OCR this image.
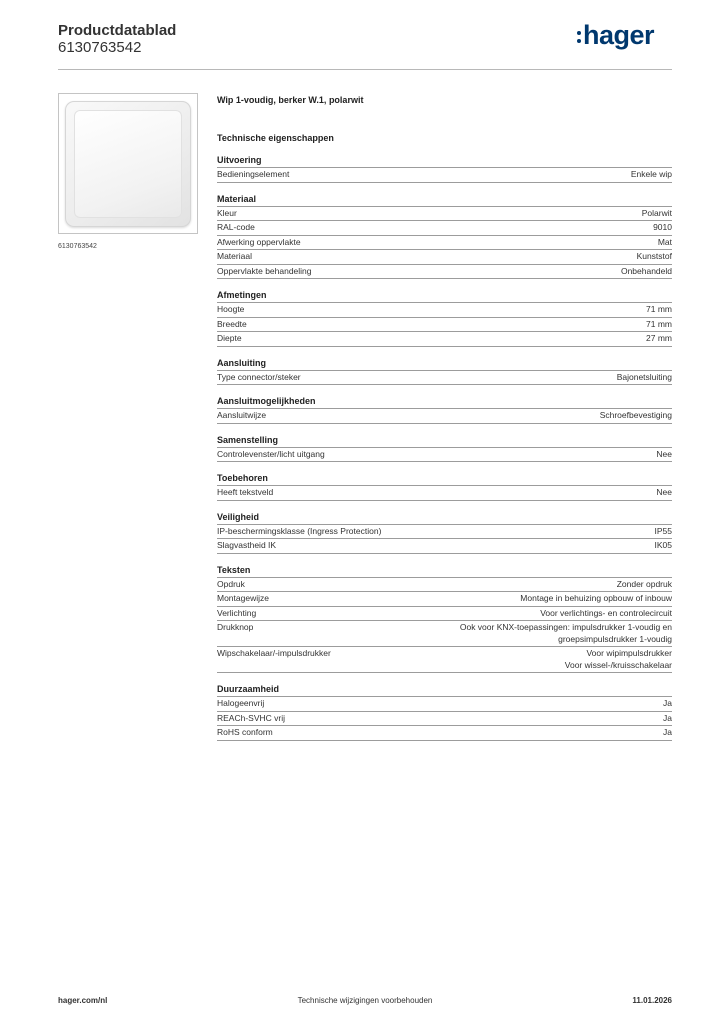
Productdatablad
6130763542	hager
6130763542
Wip 1-voudig, berker W.1, polarwit
Technische eigenschappen
Uitvoering
Bedieningselement	Enkele wip
Materiaal
Kleur	Polarwit
RAL-code	9010
Afwerking oppervlakte	Mat
Materiaal	Kunststof
Oppervlakte behandeling	Onbehandeld
Afmetingen
Hoogte	71 mm
Breedte	71 mm
Diepte	27 mm
Aansluiting
Type connector/steker	Bajonetsluiting
Aansluitmogelijkheden
Aansluitwijze	Schroefbevestiging
Samenstelling
Controlevenster/licht uitgang	Nee
Toebehoren
Heeft tekstveld	Nee
Veiligheid
IP-beschermingsklasse (Ingress Protection)	IP55
Slagvastheid IK	IK05
Teksten
Opdruk	Zonder opdruk
Montagewijze	Montage in behuizing opbouw of inbouw
Verlichting	Voor verlichtings- en controlecircuit
Drukknop	Ook voor KNX-toepassingen: impulsdrukker 1-voudig en
groepsimpulsdrukker 1-voudig
Wipschakelaar/-impulsdrukker	Voor wipimpulsdrukker
Voor wissel-/kruisschakelaar
Duurzaamheid
Halogeenvrij	Ja
REACh-SVHC vrij	Ja
RoHS conform	Ja
hager.com/nl	Technische wijzigingen voorbehouden	11.01.2026
